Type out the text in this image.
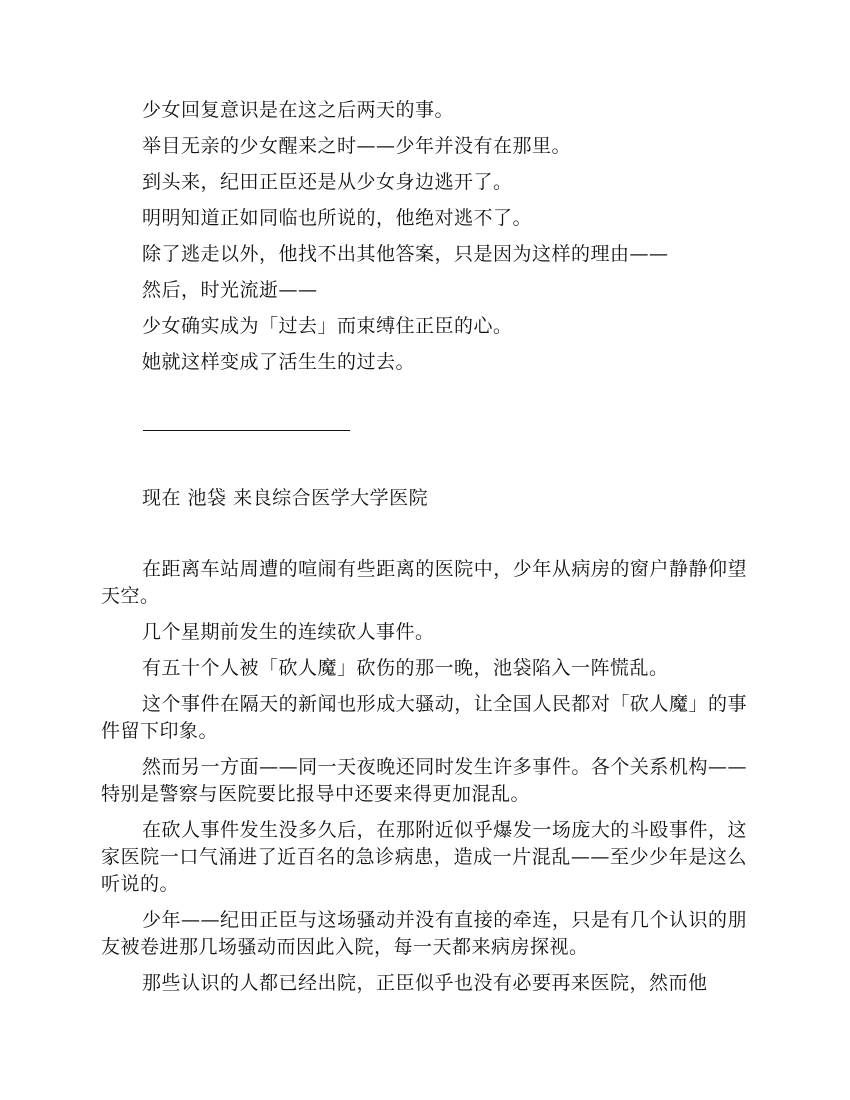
少女回复意识是在这之后两天的事。

举目无亲的少女醒来之时——少年并没有在那里。

到头来，纪田正臣还是从少女身边逃开了。

明明知道正如同临也所说的，他绝对逃不了。

除了逃走以外，他找不出其他答案，只是因为这样的理由——

然后，时光流逝——

少女确实成为「过去」而束缚住正臣的心。

她就这样变成了活生生的过去。

现在 池袋 来良综合医学大学医院

在距离车站周遭的喧闹有些距离的医院中，少年从病房的窗户静静仰望天空。

几个星期前发生的连续砍人事件。

有五十个人被「砍人魔」砍伤的那一晚，池袋陷入一阵慌乱。

这个事件在隔天的新闻也形成大骚动，让全国人民都对「砍人魔」的事件留下印象。

然而另一方面——同一天夜晚还同时发生许多事件。各个关系机构——特别是警察与医院要比报导中还要来得更加混乱。

在砍人事件发生没多久后，在那附近似乎爆发一场庞大的斗殴事件，这家医院一口气涌进了近百名的急诊病患，造成一片混乱——至少少年是这么听说的。

少年——纪田正臣与这场骚动并没有直接的牵连，只是有几个认识的朋友被卷进那几场骚动而因此入院，每一天都来病房探视。

那些认识的人都已经出院，正臣似乎也没有必要再来医院，然而他
